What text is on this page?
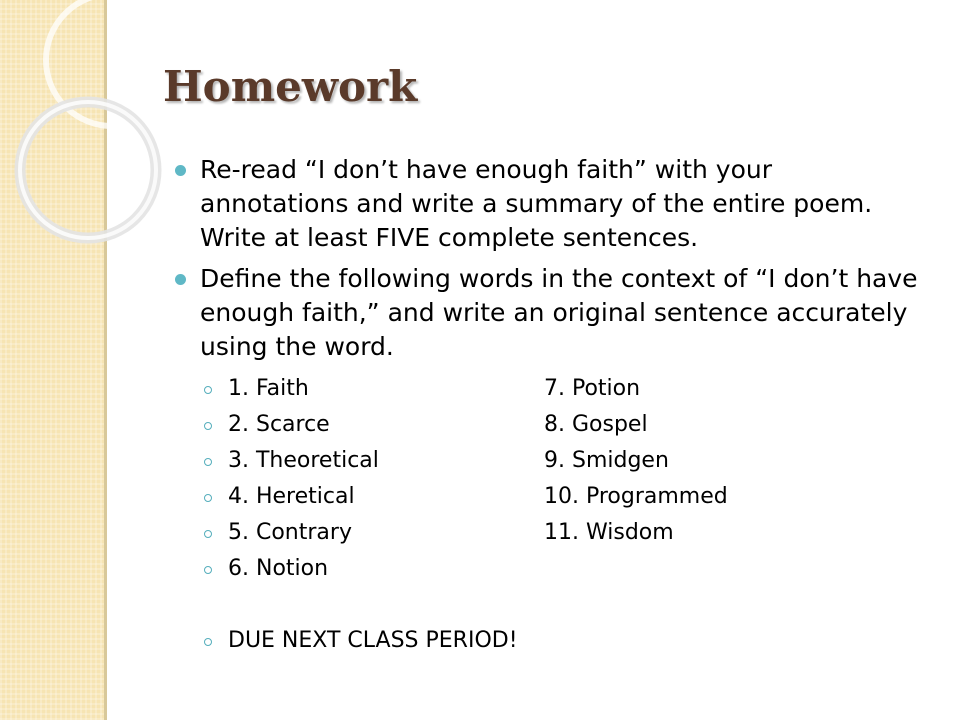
Homework
Re-read “I don’t have enough faith” with your annotations and write a summary of the entire poem. Write at least FIVE complete sentences.
Define the following words in the context of “I don’t have enough faith,” and write an original sentence accurately using the word.
1. Faith	7. Potion
2. Scarce	8. Gospel
3. Theoretical	9. Smidgen
4. Heretical	10. Programmed
5. Contrary	11. Wisdom
6. Notion
DUE NEXT CLASS PERIOD!
